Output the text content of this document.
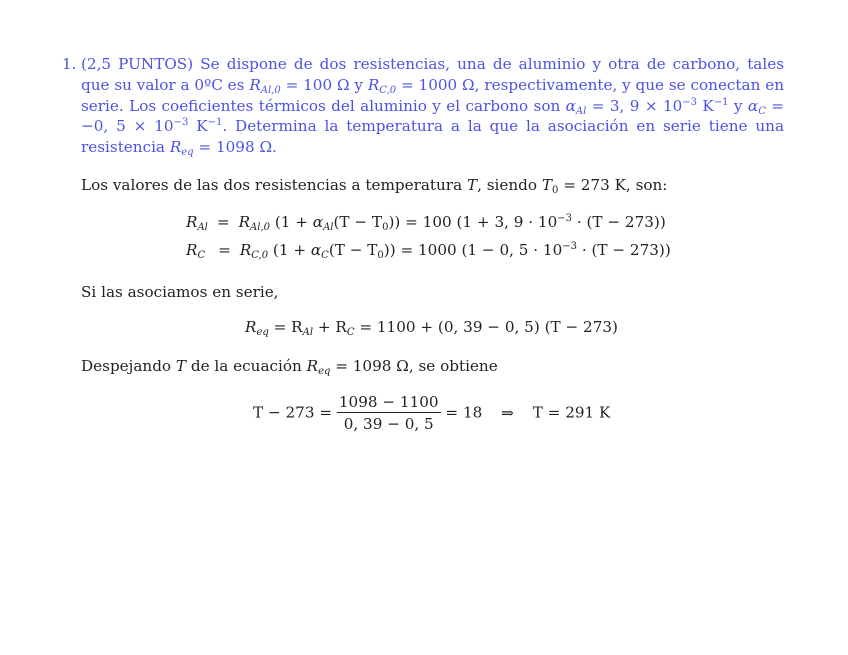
1. (2,5 PUNTOS) Se dispone de dos resistencias, una de aluminio y otra de carbono, tales que su valor a 0ºC es $R_{Al,0} = 100$ Ω y $R_{C,0} = 1000$ Ω, respectivamente, y que se conectan en serie. Los coeficientes térmicos del aluminio y el carbono son $\alpha_{Al} = 3$, $9 \times 10^{-3}$ $K^{-1}$ y $\alpha_C = -0$, $5 \times 10^{-3}$ $K^{-1}$. Determina la temperatura a la que la asociación en serie tiene una resistencia $R_{eq} = 1098$ Ω.
Los valores de las dos resistencias a temperatura T, siendo $T_0 = 273$ K, son:
$R_{Al} = R_{Al,0}$ $(1 + \alpha_{Al}(T - T_0)) = 100$ (1 + 3, $9 \cdot 10^{-3} \cdot (T - 273)$)
$R_C = R_{C,0}$ $(1 + \alpha_C(T - T_0)) = 1000$ (1 − 0, $5 \cdot 10^{-3} \cdot (T - 273)$)
Si las asociamos en serie,
$R_{eq} = R_{Al} + R_C = 1100 + (0$, 39 − 0, 5) (T − 273)
Despejando T de la ecuación $R_{eq} = 1098$ Ω, se obtiene
$T - 273 = \frac{1098 - 1100}{0, 39 - 0, 5} = 18$ ⇒ T = 291 K
